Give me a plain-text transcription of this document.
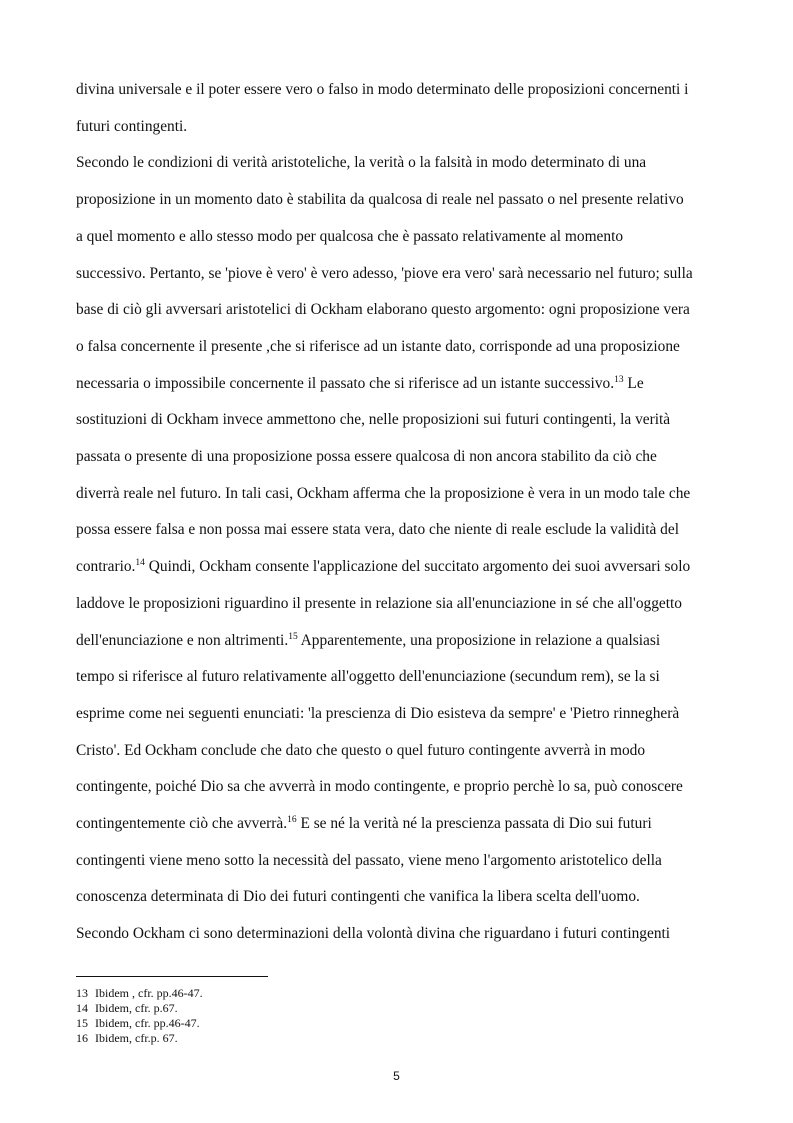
divina universale e il poter essere vero o falso in modo determinato delle proposizioni concernenti i
futuri contingenti.
Secondo le condizioni di verità aristoteliche, la verità o la falsità in modo determinato di una
proposizione in un momento dato è stabilita da qualcosa di reale nel passato o nel presente relativo
a quel momento e allo stesso modo per qualcosa che è passato relativamente al momento
successivo. Pertanto, se 'piove è vero' è vero adesso, 'piove era vero' sarà necessario nel futuro; sulla
base di ciò gli avversari aristotelici di Ockham elaborano questo argomento: ogni proposizione vera
o falsa concernente il presente ,che si riferisce ad un istante dato, corrisponde ad una proposizione
necessaria o impossibile concernente il passato che si riferisce ad un istante successivo.$^{13}$ Le
sostituzioni di Ockham invece ammettono che, nelle proposizioni sui futuri contingenti, la verità
passata o presente di una proposizione possa essere qualcosa di non ancora stabilito da ciò che
diverrà reale nel futuro. In tali casi, Ockham afferma che la proposizione è vera in un modo tale che
possa essere falsa e non possa mai essere stata vera, dato che niente di reale esclude la validità del
contrario.$^{14}$ Quindi, Ockham consente l'applicazione del succitato argomento dei suoi avversari solo
laddove le proposizioni riguardino il presente in relazione sia all'enunciazione in sé che all'oggetto
dell'enunciazione e non altrimenti.$^{15}$ Apparentemente, una proposizione in relazione a qualsiasi
tempo si riferisce al futuro relativamente all'oggetto dell'enunciazione (secundum rem), se la si
esprime come nei seguenti enunciati: 'la prescienza di Dio esisteva da sempre' e 'Pietro rinnegherà
Cristo'. Ed Ockham conclude che dato che questo o quel futuro contingente avverrà in modo
contingente, poiché Dio sa che avverrà in modo contingente, e proprio perchè lo sa, può conoscere
contingentemente ciò che avverrà.$^{16}$ E se né la verità né la prescienza passata di Dio sui futuri
contingenti viene meno sotto la necessità del passato, viene meno l'argomento aristotelico della
conoscenza determinata di Dio dei futuri contingenti che vanifica la libera scelta dell'uomo.
Secondo Ockham ci sono determinazioni della volontà divina che riguardano i futuri contingenti

13 Ibidem , cfr. pp.46-47.
14 Ibidem, cfr. p.67.
15 Ibidem, cfr. pp.46-47.
16 Ibidem, cfr.p. 67.
5
